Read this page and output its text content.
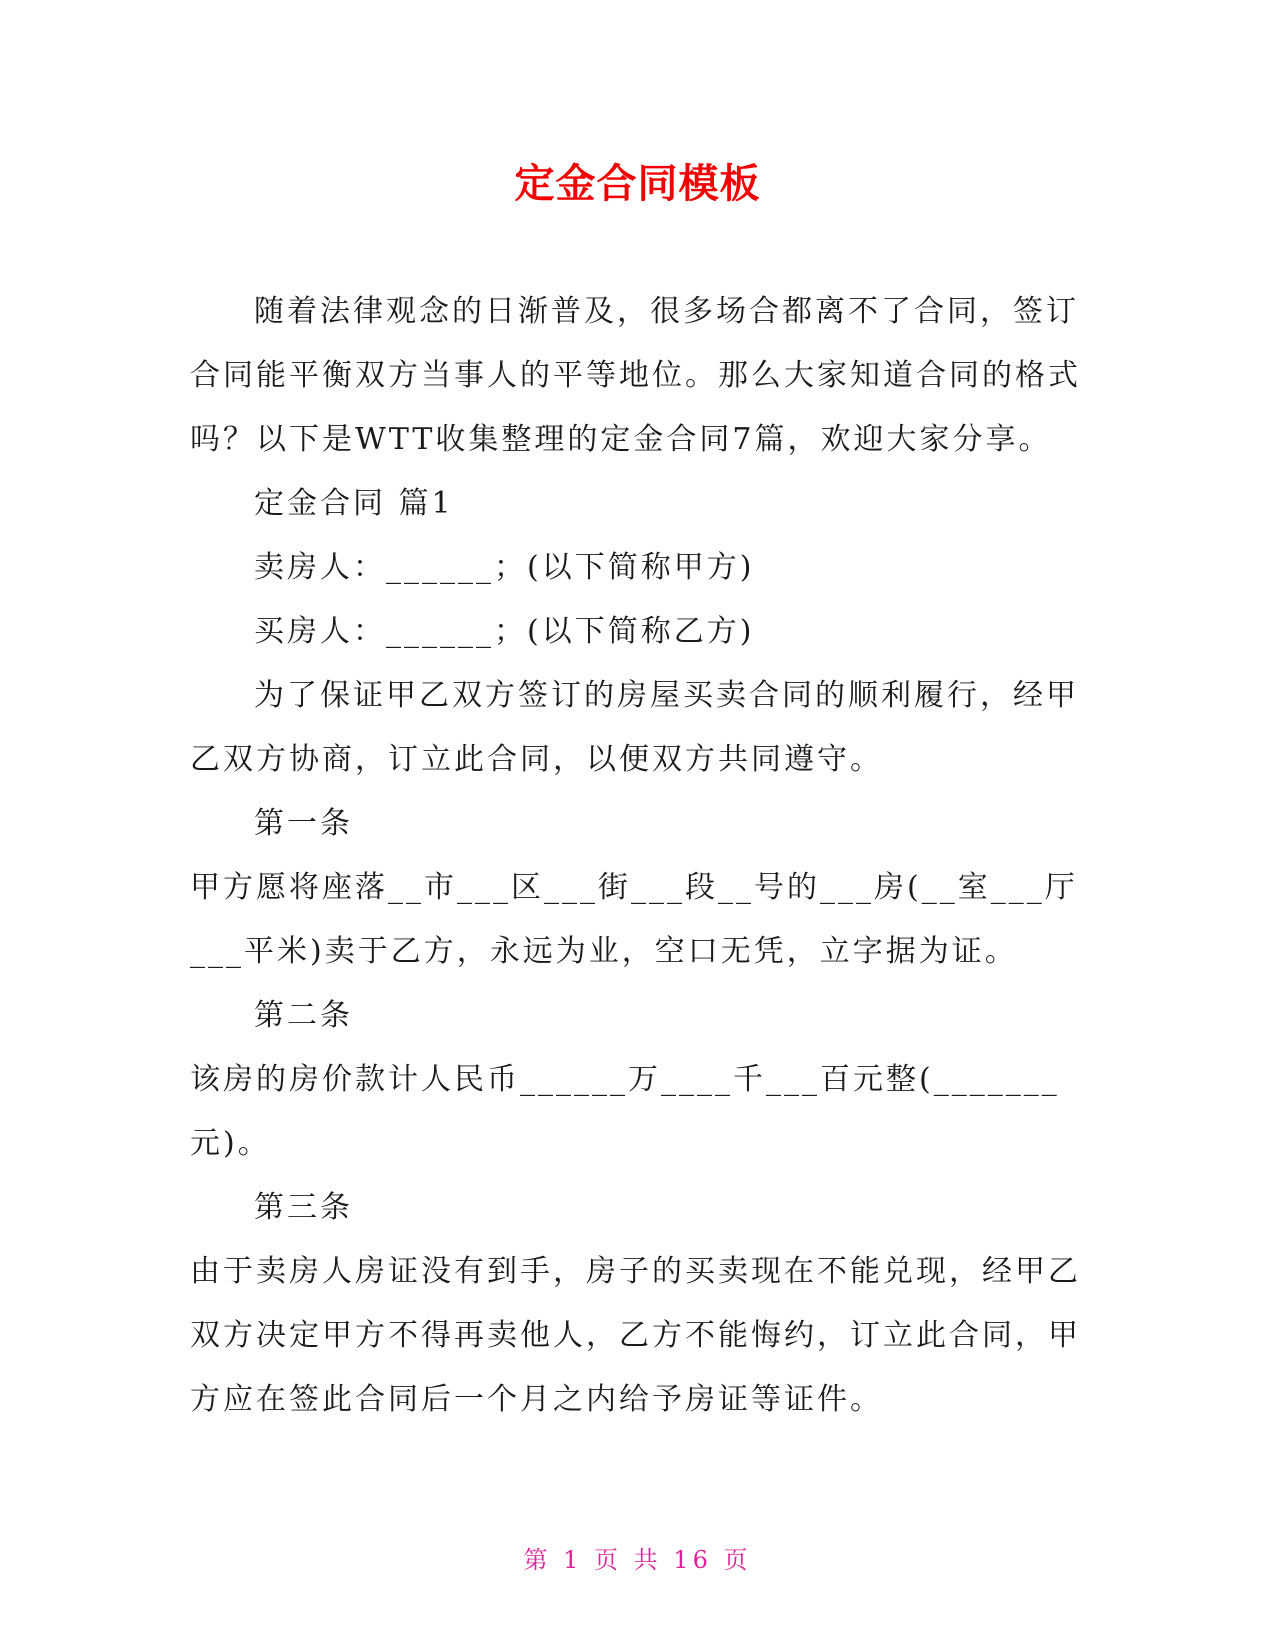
定金合同模板

随着法律观念的日渐普及，很多场合都离不了合同，签订合同能平衡双方当事人的平等地位。那么大家知道合同的格式吗？以下是WTT收集整理的定金合同7篇，欢迎大家分享。

定金合同 篇1

卖房人：______；(以下简称甲方)

买房人：______；(以下简称乙方)

为了保证甲乙双方签订的房屋买卖合同的顺利履行，经甲乙双方协商，订立此合同，以便双方共同遵守。

第一条

甲方愿将座落__市___区___街___段__号的___房(__室___厅___平米)卖于乙方，永远为业，空口无凭，立字据为证。

第二条

该房的房价款计人民币______万____千___百元整(_______元)。

第三条

由于卖房人房证没有到手，房子的买卖现在不能兑现，经甲乙双方决定甲方不得再卖他人，乙方不能悔约，订立此合同，甲方应在签此合同后一个月之内给予房证等证件。

第 1 页 共 16 页
